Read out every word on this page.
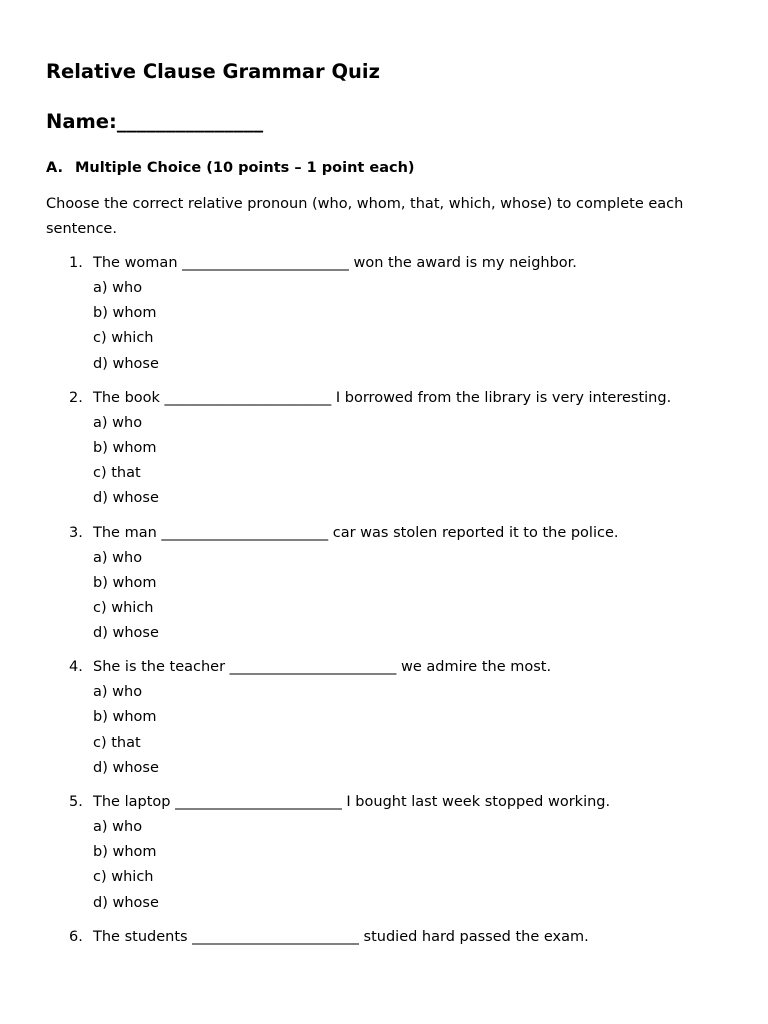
Relative Clause Grammar Quiz
Name:_______________
A. Multiple Choice (10 points – 1 point each)
Choose the correct relative pronoun (who, whom, that, which, whose) to complete each sentence.
1. The woman _______________________ won the award is my neighbor.
a) who
b) whom
c) which
d) whose
2. The book _______________________ I borrowed from the library is very interesting.
a) who
b) whom
c) that
d) whose
3. The man _______________________ car was stolen reported it to the police.
a) who
b) whom
c) which
d) whose
4. She is the teacher _______________________ we admire the most.
a) who
b) whom
c) that
d) whose
5. The laptop _______________________ I bought last week stopped working.
a) who
b) whom
c) which
d) whose
6. The students _______________________ studied hard passed the exam.
